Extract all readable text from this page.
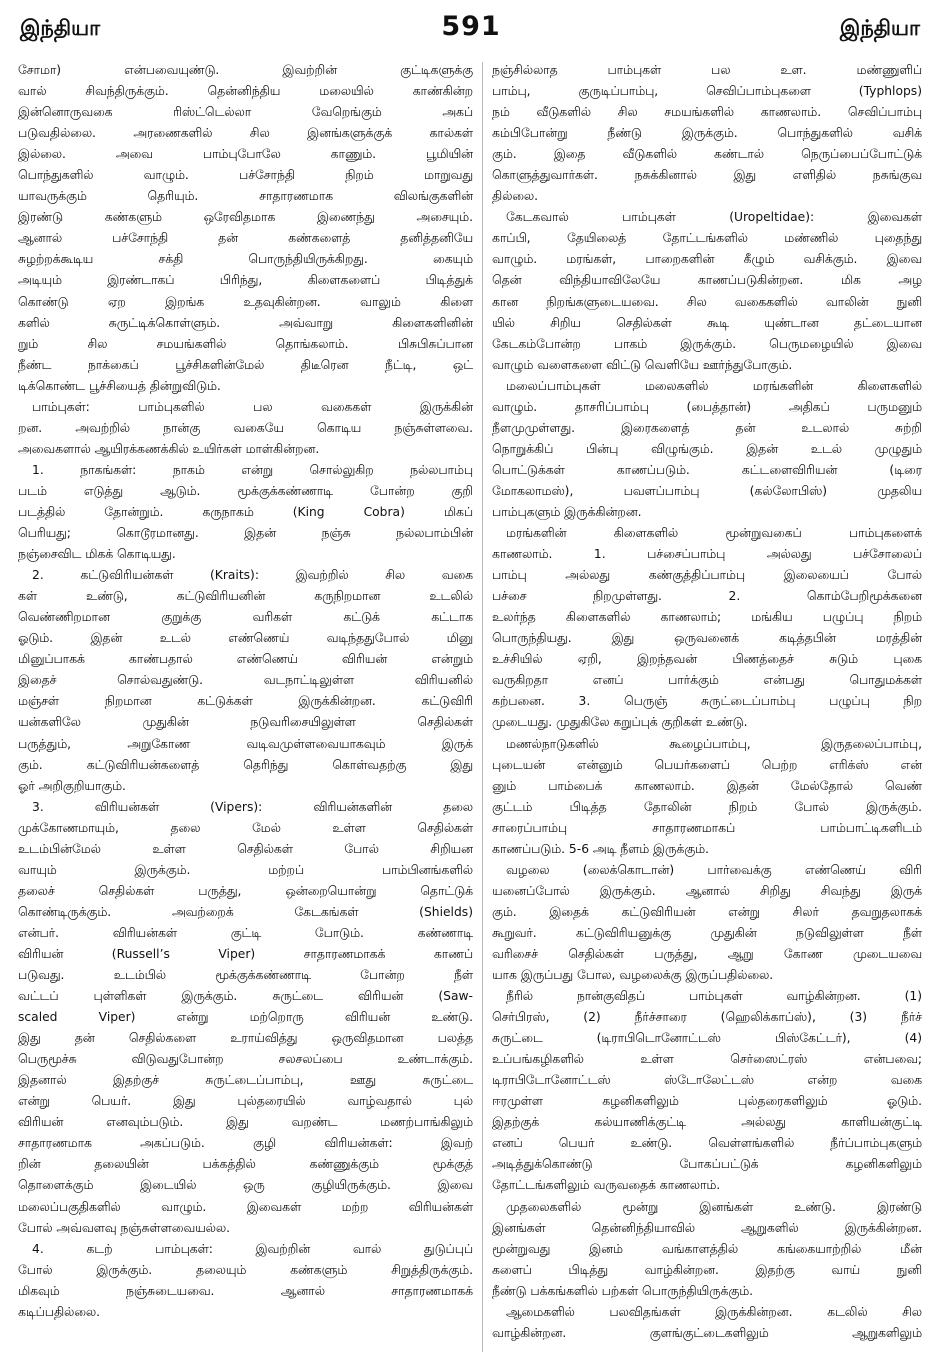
இந்தியா	591	இந்தியா
சோமா) என்பவையுண்டு. இவற்றின் குட்டிகளுக்கு
வால் சிவந்திருக்கும். தென்னிந்திய மலையில் காண்கின்ற
இன்னொருவகை ரிஸ்ட்டெல்லா வேறெங்கும் அகப்
படுவதில்லை. அரணைகளில் சில இனங்களுக்குக் கால்கள்
இல்லை. அவை பாம்புபோலே காணும். பூமியின்
பொந்துகளில் வாழும். பச்சோந்தி நிறம் மாறுவது
யாவருக்கும் தெரியும். சாதாரணமாக விலங்குகளின்
இரண்டு கண்களும் ஒரேவிதமாக இணைந்து அசையும்.
ஆனால் பச்சோந்தி தன் கண்களைத் தனித்தனியே
சுழற்றக்கூடிய சக்தி பொருந்தியிருக்கிறது. கையும்
அடியும் இரண்டாகப் பிரிந்து, கிளைகளைப் பிடித்துக்
கொண்டு ஏற இறங்க உதவுகின்றன. வாலும் கிளை
களில் சுருட்டிக்கொள்ளும். அவ்வாறு கிளைகளினின்
றும் சில சமயங்களில் தொங்கலாம். பிசுபிசுப்பான
நீண்ட நாக்கைப் பூச்சிகளின்மேல் திடீரென நீட்டி, ஒட்
டிக்கொண்ட பூச்சியைத் தின்றுவிடும்.
பாம்புகள்: பாம்புகளில் பல வகைகள் இருக்கின்
றன. அவற்றில் நான்கு வகையே கொடிய நஞ்சுள்ளவை.
அவைகளால் ஆயிரக்கணக்கில் உயிர்கள் மாள்கின்றன.
1. நாகங்கள்: நாகம் என்று சொல்லுகிற நல்லபாம்பு
படம் எடுத்து ஆடும். மூக்குக்கண்ணாடி போன்ற குறி
படத்தில் தோன்றும். கருநாகம் (King Cobra) மிகப்
பெரியது; கொடூரமானது. இதன் நஞ்சு நல்லபாம்பின்
நஞ்சைவிட மிகக் கொடியது.
2. கட்டுவிரியன்கள் (Kraits): இவற்றில் சில வகை
கள் உண்டு, கட்டுவிரியனின் கருநிறமான உடலில்
வெண்ணிறமான குறுக்கு வரிகள் கட்டுக் கட்டாக
ஓடும். இதன் உடல் எண்ணெய் வடிந்ததுபோல் மினு
மினுப்பாகக் காண்பதால் எண்ணெய் விரியன் என்றும்
இதைச் சொல்வதுண்டு. வடநாட்டிலுள்ள விரியனில்
மஞ்சள் நிறமான கட்டுக்கள் இருக்கின்றன. கட்டுவிரி
யன்களிலே முதுகின் நடுவரிசையிலுள்ள செதில்கள்
பருத்தும், அறுகோண வடிவமுள்ளவையாகவும் இருக்
கும். கட்டுவிரியன்களைத் தெரிந்து கொள்வதற்கு இது
ஓர் அறிகுறியாகும்.
3. விரியன்கள் (Vipers): விரியன்களின் தலை
முக்கோணமாயும், தலை மேல் உள்ள செதில்கள்
உடம்பின்மேல் உள்ள செதில்கள் போல் சிறியன
வாயும் இருக்கும். மற்றப் பாம்பினங்களில்
தலைச் செதில்கள் பருத்து, ஒன்றையொன்று தொட்டுக்
கொண்டிருக்கும். அவற்றைக் கேடகங்கள் (Shields)
என்பர். விரியன்கள் குட்டி போடும். கண்ணாடி
விரியன் (Russell’s Viper) சாதாரணமாகக் காணப்
படுவது. உடம்பில் மூக்குக்கண்ணாடி போன்ற நீள்
வட்டப் புள்ளிகள் இருக்கும். சுருட்டை விரியன் (Saw-
scaled Viper) என்று மற்றொரு விரியன் உண்டு.
இது தன் செதில்களை உராய்வித்து ஒருவிதமான பலத்த
பெருமூச்சு விடுவதுபோன்ற சலசலப்பை உண்டாக்கும்.
இதனால் இதற்குச் சுருட்டைப்பாம்பு, ஊது சுருட்டை
என்று பெயர். இது புல்தரையில் வாழ்வதால் புல்
விரியன் எனவும்படும். இது வறண்ட மணற்பாங்கிலும்
சாதாரணமாக அகப்படும். குழி விரியன்கள்: இவற்
றின் தலையின் பக்கத்தில் கண்ணுக்கும் மூக்குத்
தொளைக்கும் இடையில் ஒரு குழியிருக்கும். இவை
மலைப்பகுதிகளில் வாழும். இவைகள் மற்ற விரியன்கள்
போல் அவ்வளவு நஞ்சுள்ளவையல்ல.
4. கடற் பாம்புகள்: இவற்றின் வால் துடுப்புப்
போல் இருக்கும். தலையும் கண்களும் சிறுத்திருக்கும்.
மிகவும் நஞ்சுடையவை. ஆனால் சாதாரணமாகக்
கடிப்பதில்லை.
நஞ்சில்லாத பாம்புகள் பல உள. மண்ணுளிப்
பாம்பு, குருடிப்பாம்பு, செவிப்பாம்புகளை (Typhlops)
நம் வீடுகளில் சில சமயங்களில் காணலாம். செவிப்பாம்பு
கம்பிபோன்று நீண்டு இருக்கும். பொந்துகளில் வசிக்
கும். இதை வீடுகளில் கண்டால் நெருப்பைப்போட்டுக்
கொளுத்துவார்கள். நசுக்கினால் இது எளிதில் நசுங்குவ
தில்லை.
கேடகவால் பாம்புகள் (Uropeltidae): இவைகள்
காப்பி, தேயிலைத் தோட்டங்களில் மண்ணில் புதைந்து
வாழும். மரங்கள், பாறைகளின் கீழும் வசிக்கும். இவை
தென் விந்தியாவிலேயே காணப்படுகின்றன. மிக அழ
கான நிறங்களுடையவை. சில வகைகளில் வாலின் நுனி
யில் சிறிய செதில்கள் கூடி யுண்டான தட்டையான
கேடகம்போன்ற பாகம் இருக்கும். பெருமழையில் இவை
வாழும் வளைகளை விட்டு வெளியே ஊர்ந்துபோகும்.
மலைப்பாம்புகள் மலைகளில் மரங்களின் கிளைகளில்
வாழும். தாசரிப்பாம்பு (பைத்தான்) அதிகப் பருமனும்
நீளமுமுள்ளது. இரைகளைத் தன் உடலால் சுற்றி
நொறுக்கிப் பின்பு விழுங்கும். இதன் உடல் முழுதும்
பொட்டுக்கள் காணப்படும். கட்டளைவிரியன் (டிரை
மோகலாமஸ்), பவளப்பாம்பு (கல்லோபிஸ்) முதலிய
பாம்புகளும் இருக்கின்றன.
மரங்களின் கிளைகளில் மூன்றுவகைப் பாம்புகளைக்
காணலாம். 1. பச்சைப்பாம்பு அல்லது பச்சோலைப்
பாம்பு அல்லது கண்குத்திப்பாம்பு இலையைப் போல்
பச்சை நிறமுள்ளது. 2. கொம்பேறிமூக்கனை
உலர்ந்த கிளைகளில் காணலாம்; மங்கிய பழுப்பு நிறம்
பொருந்தியது. இது ஒருவனைக் கடித்தபின் மரத்தின்
உச்சியில் ஏறி, இறந்தவன் பிணத்தைச் சுடும் புகை
வருகிறதா எனப் பார்க்கும் என்பது பொதுமக்கள்
கற்பனை. 3. பெருஞ் சுருட்டைப்பாம்பு பழுப்பு நிற
முடையது. முதுகிலே கறுப்புக் குறிகள் உண்டு.
மணல்நாடுகளில் கூழைப்பாம்பு, இருதலைப்பாம்பு,
புடையன் என்னும் பெயர்களைப் பெற்ற எரிக்ஸ் என்
னும் பாம்பைக் காணலாம். இதன் மேல்தோல் வெண்
குட்டம் பிடித்த தோலின் நிறம் போல் இருக்கும்.
சாரைப்பாம்பு சாதாரணமாகப் பாம்பாட்டிகளிடம்
காணப்படும். 5-6 அடி நீளம் இருக்கும்.
வழலை (லைக்கொடான்) பார்வைக்கு எண்ணெய் விரி
யனைப்போல் இருக்கும். ஆனால் சிறிது சிவந்து இருக்
கும். இதைக் கட்டுவிரியன் என்று சிலர் தவறுதலாகக்
கூறுவர். கட்டுவிரியனுக்கு முதுகின் நடுவிலுள்ள நீள்
வரிசைச் செதில்கள் பருத்து, ஆறு கோண முடையவை
யாக இருப்பது போல, வழலைக்கு இருப்பதில்லை.
நீரில் நான்குவிதப் பாம்புகள் வாழ்கின்றன. (1)
செர்பிரஸ், (2) நீர்ச்சாரை (ஹெலிக்காப்ஸ்), (3) நீர்ச்
சுருட்டை (டிராபிடொனோட்டஸ் பிஸ்கேட்டர்), (4)
உப்பங்கழிகளில் உள்ள செர்ஸைட்ரஸ் என்பவை;
டிராபிடோனோட்டஸ் ஸ்டோலேட்டஸ் என்ற வகை
ஈரமுள்ள கழனிகளிலும் புல்தரைகளிலும் ஓடும்.
இதற்குக் கல்யாணிக்குட்டி அல்லது காளியன்குட்டி
எனப் பெயர் உண்டு. வெள்ளங்களில் நீர்ப்பாம்புகளும்
அடித்துக்கொண்டு போகப்பட்டுக் கழனிகளிலும்
தோட்டங்களிலும் வருவதைக் காணலாம்.
முதலைகளில் மூன்று இனங்கள் உண்டு. இரண்டு
இனங்கள் தென்னிந்தியாவில் ஆறுகளில் இருக்கின்றன.
மூன்றுவது இனம் வங்காளத்தில் கங்கையாற்றில் மீன்
களைப் பிடித்து வாழ்கின்றன. இதற்கு வாய் நுனி
நீண்டு பக்கங்களில் பற்கள் பொருந்தியிருக்கும்.
ஆமைகளில் பலவிதங்கள் இருக்கின்றன. கடலில் சில
வாழ்கின்றன. குளங்குட்டைகளிலும் ஆறுகளிலும்
